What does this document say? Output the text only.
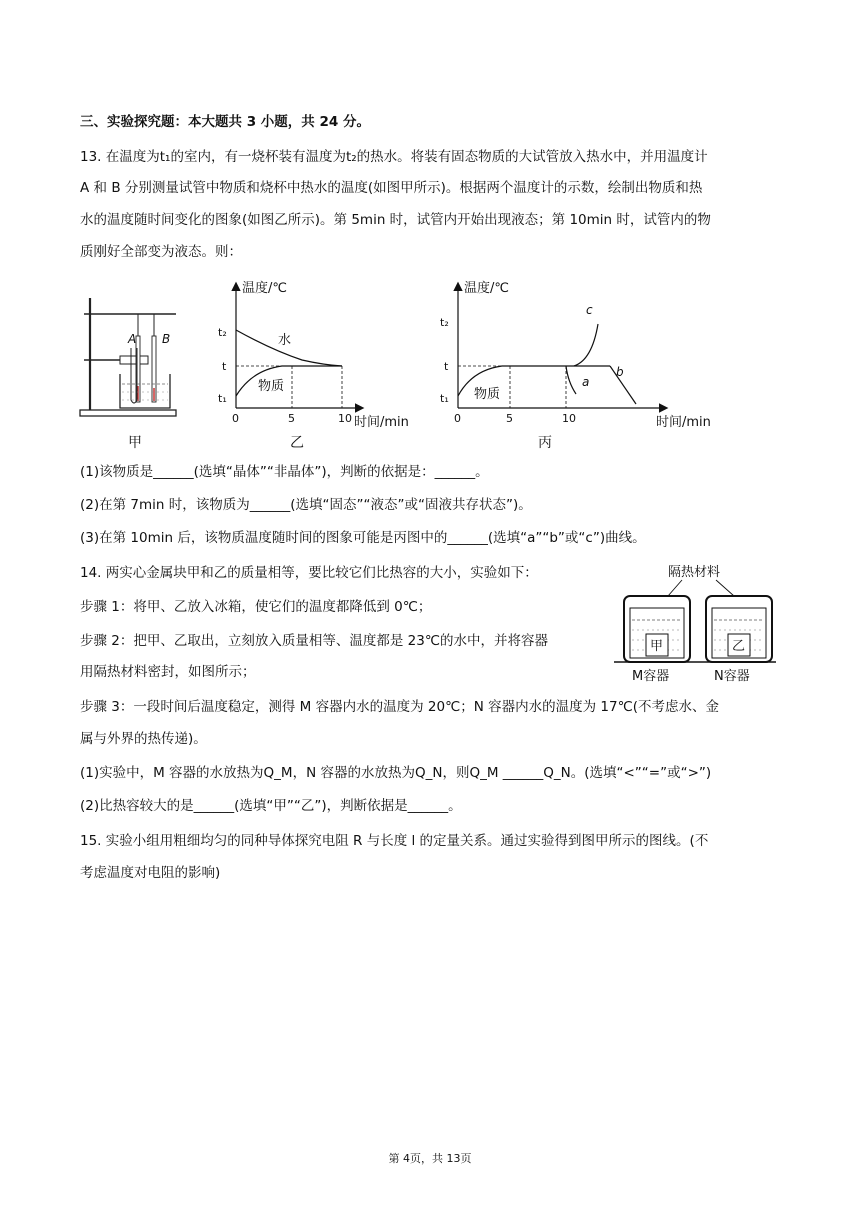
三、实验探究题：本大题共 3 小题，共 24 分。
13. 在温度为t₁的室内，有一烧杯装有温度为t₂的热水。将装有固态物质的大试管放入热水中，并用温度计
A 和 B 分别测量试管中物质和烧杯中热水的温度(如图甲所示)。根据两个温度计的示数，绘制出物质和热
水的温度随时间变化的图象(如图乙所示)。第 5min 时，试管内开始出现液态；第 10min 时，试管内的物
质刚好全部变为液态。则：
A B
甲
温度/℃
时间/min
t₂
t
t₁
0	5	10
水
物质
乙
温度/℃
时间/min
t₂
t
t₁
0	5	10
c
a
b
物质
丙
(1)该物质是______(选填“晶体”“非晶体”)，判断的依据是：______。
(2)在第 7min 时，该物质为______(选填“固态”“液态”或“固液共存状态”)。
(3)在第 10min 后，该物质温度随时间的图象可能是丙图中的______(选填“a”“b”或“c”)曲线。
14. 两实心金属块甲和乙的质量相等，要比较它们比热容的大小，实验如下：
步骤 1：将甲、乙放入冰箱，使它们的温度都降低到 0℃；
步骤 2：把甲、乙取出，立刻放入质量相等、温度都是 23℃的水中，并将容器
用隔热材料密封，如图所示；
隔热材料
甲	乙
M容器	N容器
步骤 3：一段时间后温度稳定，测得 M 容器内水的温度为 20℃；N 容器内水的温度为 17℃(不考虑水、金
属与外界的热传递)。
(1)实验中，M 容器的水放热为Q_M，N 容器的水放热为Q_N，则Q_M ______Q_N。(选填“<”“=”或“>”)
(2)比热容较大的是______(选填“甲”“乙”)，判断依据是______。
15. 实验小组用粗细均匀的同种导体探究电阻 R 与长度 l 的定量关系。通过实验得到图甲所示的图线。(不
考虑温度对电阻的影响)
第 4页，共 13页
